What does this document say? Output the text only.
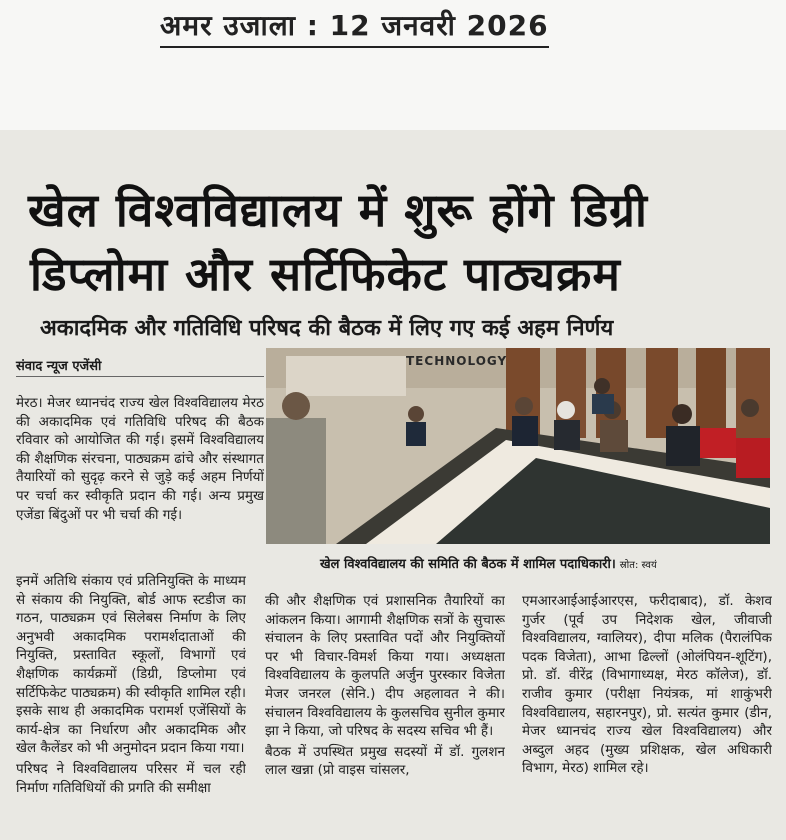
अमर उजाला : 12 जनवरी 2026
खेल विश्वविद्यालय में शुरू होंगे डिग्री
डिप्लोमा और सर्टिफिकेट पाठ्यक्रम
अकादमिक और गतिविधि परिषद की बैठक में लिए गए कई अहम निर्णय
संवाद न्यूज एजेंसी

मेरठ। मेजर ध्यानचंद राज्य खेल विश्वविद्यालय मेरठ की अकादमिक एवं गतिविधि परिषद की बैठक रविवार को आयोजित की गई। इसमें विश्वविद्यालय की शैक्षणिक संरचना, पाठ्यक्रम ढांचे और संस्थागत तैयारियों को सुदृढ़ करने से जुड़े कई अहम निर्णयों पर चर्चा कर स्वीकृति प्रदान की गई। अन्य प्रमुख एजेंडा बिंदुओं पर भी चर्चा की गई।

TECHNOLOGY
खेल विश्वविद्यालय की समिति की बैठक में शामिल पदाधिकारी। स्रोत: स्वयं

इनमें अतिथि संकाय एवं प्रतिनियुक्ति के माध्यम से संकाय की नियुक्ति, बोर्ड आफ स्टडीज का गठन, पाठ्यक्रम एवं सिलेबस निर्माण के लिए अनुभवी अकादमिक परामर्शदाताओं की नियुक्ति, प्रस्तावित स्कूलों, विभागों एवं शैक्षणिक कार्यक्रमों (डिग्री, डिप्लोमा एवं सर्टिफिकेट पाठ्यक्रम) की स्वीकृति शामिल रही। इसके साथ ही अकादमिक परामर्श एजेंसियों के कार्य-क्षेत्र का निर्धारण और अकादमिक और खेल कैलेंडर को भी अनुमोदन प्रदान किया गया।

परिषद ने विश्वविद्यालय परिसर में चल रही निर्माण गतिविधियों की प्रगति की समीक्षा

की और शैक्षणिक एवं प्रशासनिक तैयारियों का आंकलन किया। आगामी शैक्षणिक सत्रों के सुचारू संचालन के लिए प्रस्तावित पदों और नियुक्तियों पर भी विचार-विमर्श किया गया। अध्यक्षता विश्वविद्यालय के कुलपति अर्जुन पुरस्कार विजेता मेजर जनरल (सेनि.) दीप अहलावत ने की। संचालन विश्वविद्यालय के कुलसचिव सुनील कुमार झा ने किया, जो परिषद के सदस्य सचिव भी हैं।

बैठक में उपस्थित प्रमुख सदस्यों में डॉ. गुलशन लाल खन्ना (प्रो वाइस चांसलर,

एमआरआईआईआरएस, फरीदाबाद), डॉ. केशव गुर्जर (पूर्व उप निदेशक खेल, जीवाजी विश्वविद्यालय, ग्वालियर), दीपा मलिक (पैरालंपिक पदक विजेता), आभा ढिल्लों (ओलंपियन-शूटिंग), प्रो. डॉ. वीरेंद्र (विभागाध्यक्ष, मेरठ कॉलेज), डॉ. राजीव कुमार (परीक्षा नियंत्रक, मां शाकुंभरी विश्वविद्यालय, सहारनपुर), प्रो. सत्यंत कुमार (डीन, मेजर ध्यानचंद राज्य खेल विश्वविद्यालय) और अब्दुल अहद (मुख्य प्रशिक्षक, खेल अधिकारी विभाग, मेरठ) शामिल रहे।
